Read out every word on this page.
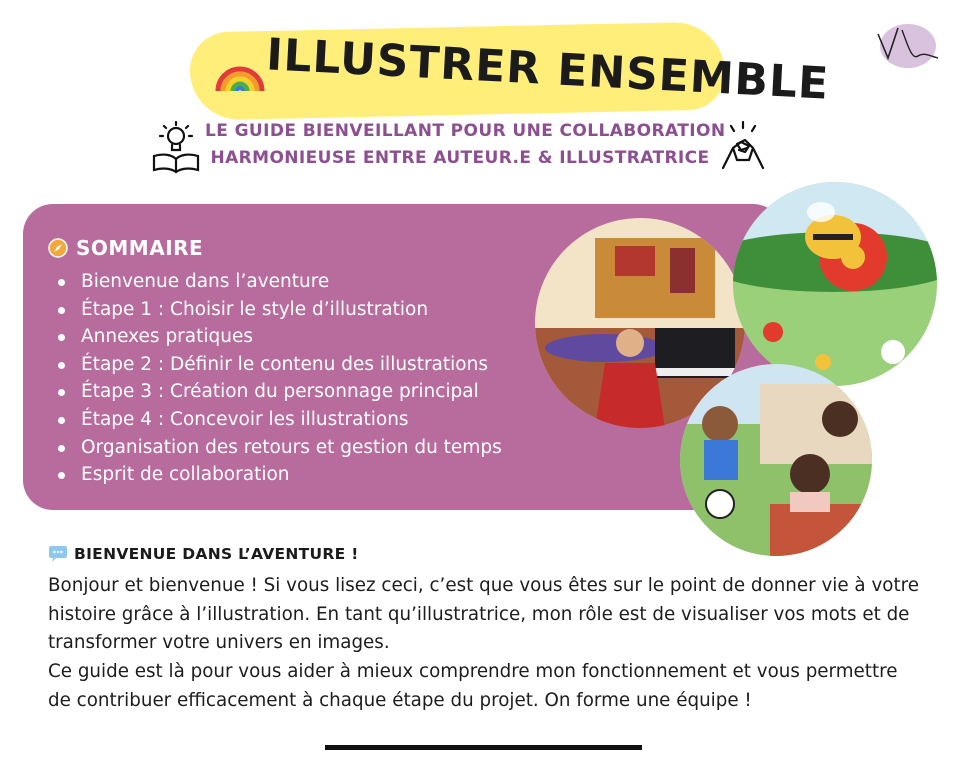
ILLUSTRER ENSEMBLE
LE GUIDE BIENVEILLANT POUR UNE COLLABORATION
HARMONIEUSE ENTRE AUTEUR.E & ILLUSTRATRICE
SOMMAIRE
Bienvenue dans l’aventure
Étape 1 : Choisir le style d’illustration
Annexes pratiques
Étape 2 : Définir le contenu des illustrations
Étape 3 : Création du personnage principal
Étape 4 : Concevoir les illustrations
Organisation des retours et gestion du temps
Esprit de collaboration
BIENVENUE DANS L’AVENTURE !
Bonjour et bienvenue ! Si vous lisez ceci, c’est que vous êtes sur le point de donner vie à votre
histoire grâce à l’illustration. En tant qu’illustratrice, mon rôle est de visualiser vos mots et de
transformer votre univers en images.
Ce guide est là pour vous aider à mieux comprendre mon fonctionnement et vous permettre
de contribuer efficacement à chaque étape du projet. On forme une équipe !
